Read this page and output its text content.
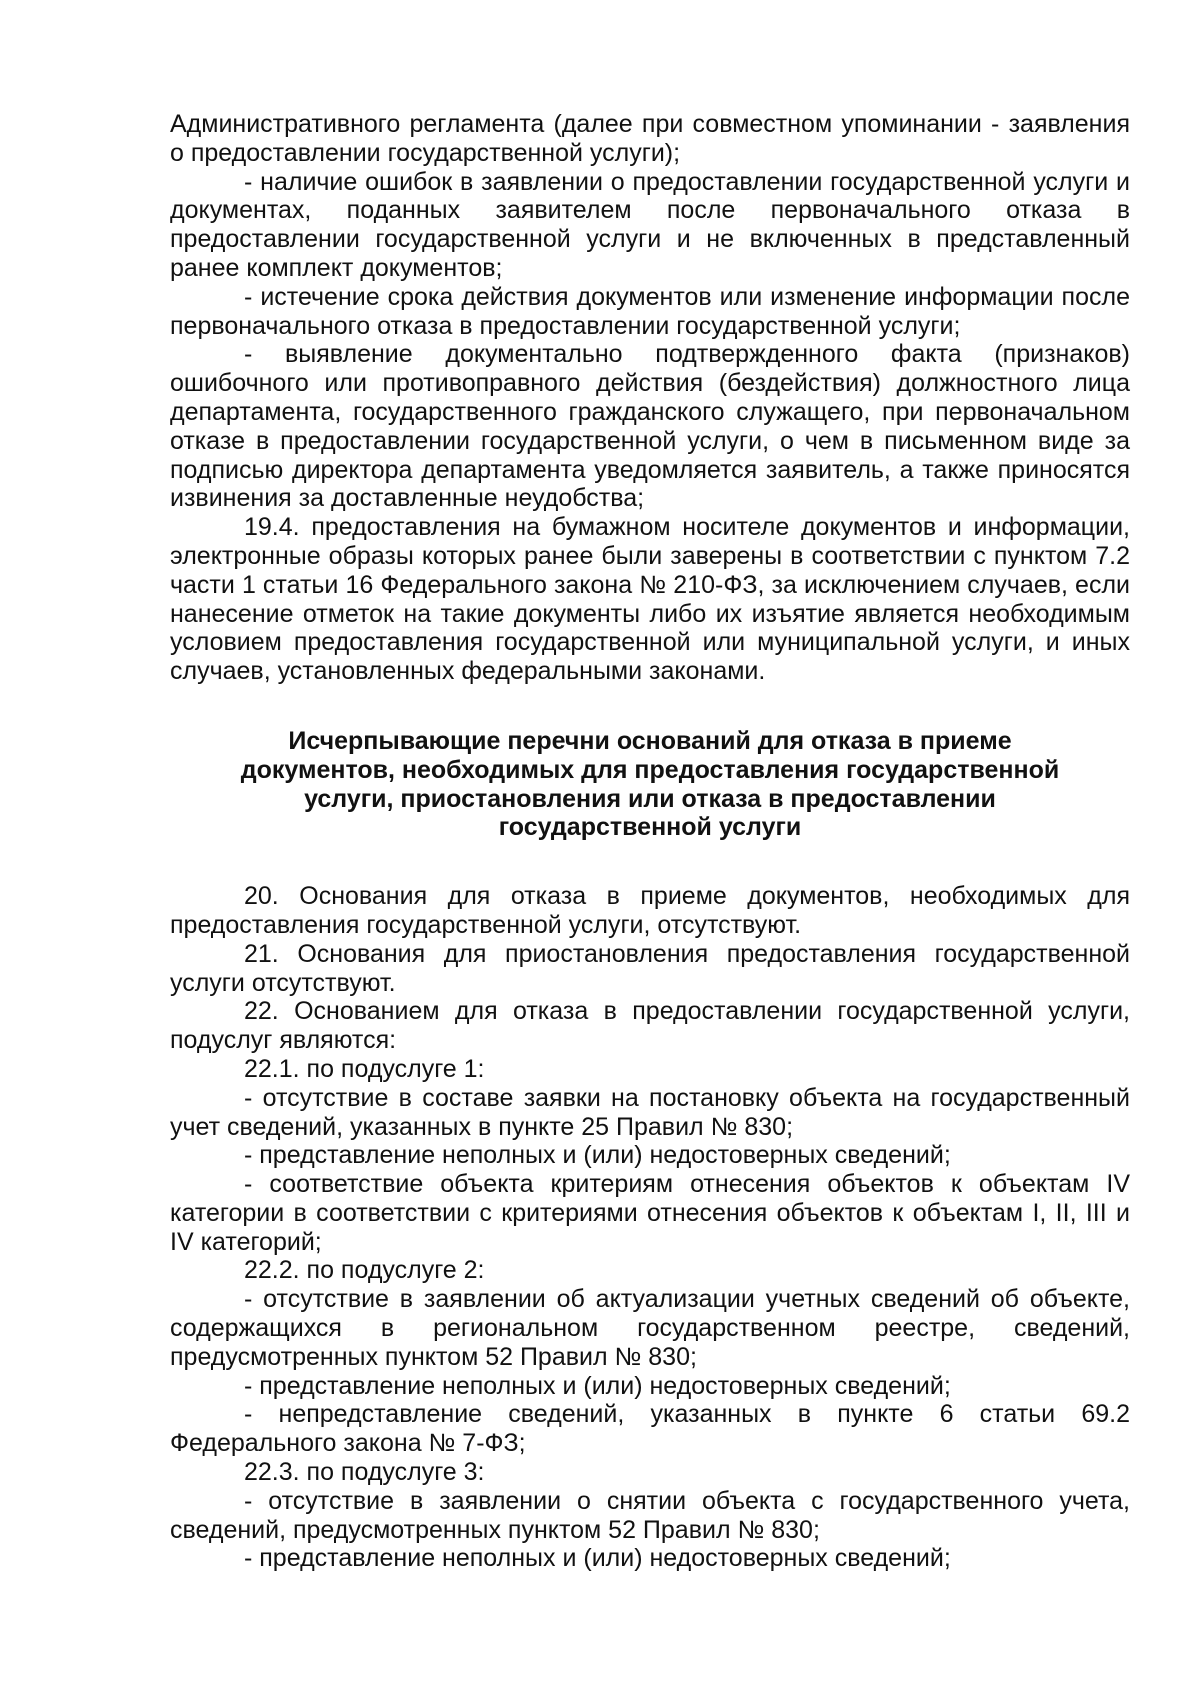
Административного регламента (далее при совместном упоминании - заявления о предоставлении государственной услуги);

- наличие ошибок в заявлении о предоставлении государственной услуги и документах, поданных заявителем после первоначального отказа в предоставлении государственной услуги и не включенных в представленный ранее комплект документов;

- истечение срока действия документов или изменение информации после первоначального отказа в предоставлении государственной услуги;

- выявление документально подтвержденного факта (признаков) ошибочного или противоправного действия (бездействия) должностного лица департамента, государственного гражданского служащего, при первоначальном отказе в предоставлении государственной услуги, о чем в письменном виде за подписью директора департамента уведомляется заявитель, а также приносятся извинения за доставленные неудобства;

19.4. предоставления на бумажном носителе документов и информации, электронные образы которых ранее были заверены в соответствии с пунктом 7.2 части 1 статьи 16 Федерального закона № 210-ФЗ, за исключением случаев, если нанесение отметок на такие документы либо их изъятие является необходимым условием предоставления государственной или муниципальной услуги, и иных случаев, установленных федеральными законами.

Исчерпывающие перечни оснований для отказа в приеме
документов, необходимых для предоставления государственной
услуги, приостановления или отказа в предоставлении
государственной услуги

20. Основания для отказа в приеме документов, необходимых для предоставления государственной услуги, отсутствуют.

21. Основания для приостановления предоставления государственной услуги отсутствуют.

22. Основанием для отказа в предоставлении государственной услуги, подуслуг являются:

22.1. по подуслуге 1:

- отсутствие в составе заявки на постановку объекта на государственный учет сведений, указанных в пункте 25 Правил № 830;

- представление неполных и (или) недостоверных сведений;

- соответствие объекта критериям отнесения объектов к объектам IV категории в соответствии с критериями отнесения объектов к объектам I, II, III и IV категорий;

22.2. по подуслуге 2:

- отсутствие в заявлении об актуализации учетных сведений об объекте, содержащихся в региональном государственном реестре, сведений, предусмотренных пунктом 52 Правил № 830;

- представление неполных и (или) недостоверных сведений;

- непредставление сведений, указанных в пункте 6 статьи 69.2 Федерального закона № 7-ФЗ;

22.3. по подуслуге 3:

- отсутствие в заявлении о снятии объекта с государственного учета, сведений, предусмотренных пунктом 52 Правил № 830;

- представление неполных и (или) недостоверных сведений;
